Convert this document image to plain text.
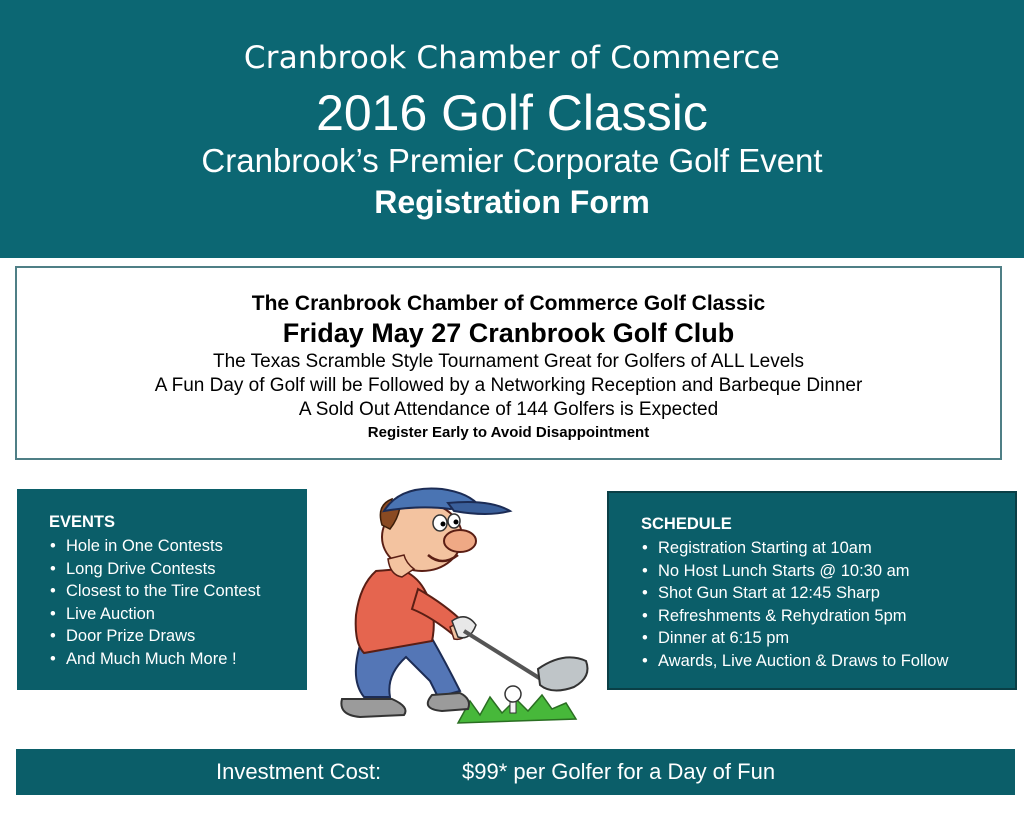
Cranbrook Chamber of Commerce
2016 Golf Classic
Cranbrook’s Premier Corporate Golf Event
Registration Form
The Cranbrook Chamber of Commerce Golf Classic
Friday May 27 Cranbrook Golf Club
The Texas Scramble Style Tournament Great for Golfers of ALL Levels
A Fun Day of Golf will be Followed by a Networking Reception and Barbeque Dinner
A Sold Out Attendance of 144 Golfers is Expected
Register Early to Avoid Disappointment
EVENTS
• Hole in One Contests
• Long Drive Contests
• Closest to the Tire Contest
• Live Auction
• Door Prize Draws
• And Much Much More !
SCHEDULE
• Registration Starting at 10am
• No Host Lunch Starts @ 10:30 am
• Shot Gun Start at 12:45 Sharp
• Refreshments & Rehydration 5pm
• Dinner at 6:15 pm
• Awards, Live Auction & Draws to Follow
Investment Cost:	$99* per Golfer for a Day of Fun
